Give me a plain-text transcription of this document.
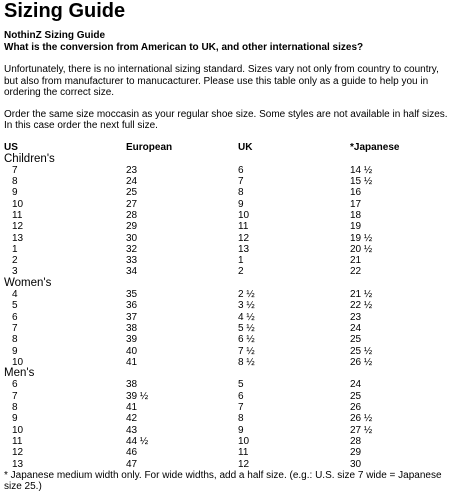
Sizing Guide
NothinZ Sizing Guide
What is the conversion from American to UK, and other international sizes?

Unfortunately, there is no international sizing standard. Sizes vary not only from country to country, but also from manufacturer to manucacturer. Please use this table only as a guide to help you in ordering the correct size.

Order the same size moccasin as your regular shoe size. Some styles are not available in half sizes. In this case order the next full size.

US	European	UK	*Japanese
Children's			
7	23	6	14 ½
8	24	7	15 ½
9	25	8	16
10	27	9	17
11	28	10	18
12	29	11	19
13	30	12	19 ½
1	32	13	20 ½
2	33	1	21
3	34	2	22
Women's			
4	35	2 ½	21 ½
5	36	3 ½	22 ½
6	37	4 ½	23
7	38	5 ½	24
8	39	6 ½	25
9	40	7 ½	25 ½
10	41	8 ½	26 ½
Men's			
6	38	5	24
7	39 ½	6	25
8	41	7	26
9	42	8	26 ½
10	43	9	27 ½
11	44 ½	10	28
12	46	11	29
13	47	12	30

* Japanese medium width only. For wide widths, add a half size. (e.g.: U.S. size 7 wide = Japanese size 25.)
